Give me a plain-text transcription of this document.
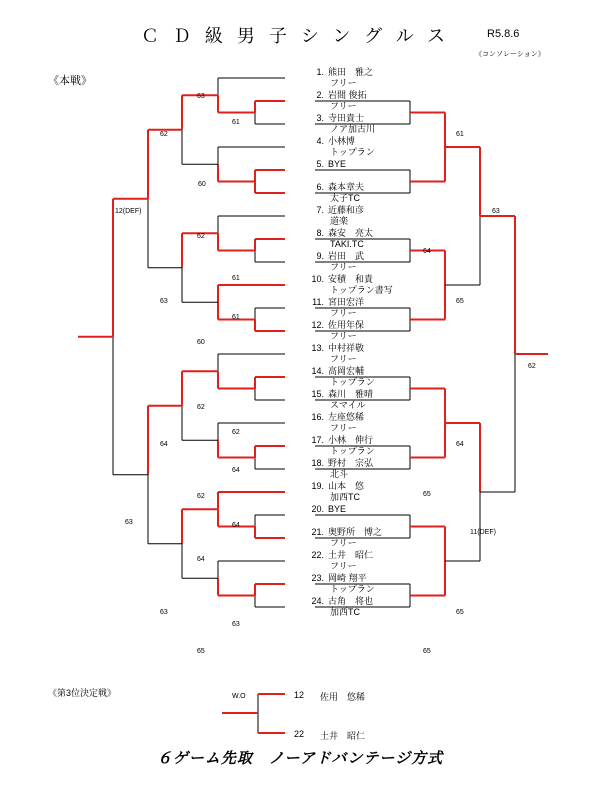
ＣＤ級男子シングルス	R5.8.6
《コンソレーション》
《本戦》
1. 熊田　雅之
フリー
2. 岩間 俊拓
フリー
3. 寺田貴士
ノア加古川
4. 小林博
トップラン
5. BYE
6. 森本章夫
太子TC
7. 近藤和彦
道楽
8. 森安　亮太
TAKI.TC
9. 岩田　武
フリー
10. 安積　和貴
トップラン書写
11. 宮田宏洋
フリー
12. 佐用年保
フリー
13. 中村祥敬
フリー
14. 高岡宏輔
トップラン
15. 森川　雅晴
スマイル
16. 左座悠稀
フリー
17. 小林　伸行
トップラン
18. 野村　宗弘
北斗
19. 山本　悠
加西TC
20. BYE
21. 奥野所　博之
フリー
22. 土井　昭仁
フリー
23. 岡崎 翔平
トップラン
24. 古角　将也
加西TC
63
61
62
60
12(DEF)
62
61
63
61
60
62
62
64
64
62
64
63
64
63
63
65
61
63
64
65
62
64
65
11(DEF)
65
65
《第3位決定戦》	W.O	12 佐用　悠稀
22 土井　昭仁
６ゲーム先取　ノーアドバンテージ方式
